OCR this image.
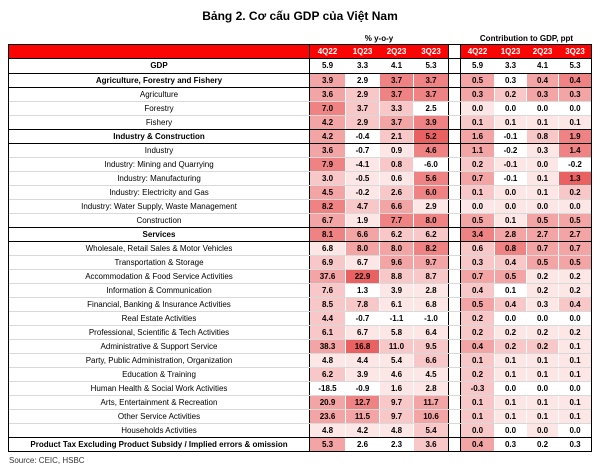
Bảng 2. Cơ cấu GDP của Việt Nam
% y-o-y	Contribution to GDP, ppt
4Q22	1Q23	2Q23	3Q23	4Q22	1Q23	2Q23	3Q23
GDP	5.9	3.3	4.1	5.3	5.9	3.3	4.1	5.3
Agriculture, Forestry and Fishery	3.9	2.9	3.7	3.7	0.5	0.3	0.4	0.4
Agriculture	3.6	2.9	3.7	3.7	0.3	0.2	0.3	0.3
Forestry	7.0	3.7	3.3	2.5	0.0	0.0	0.0	0.0
Fishery	4.2	2.9	3.7	3.9	0.1	0.1	0.1	0.1
Industry & Construction	4.2	-0.4	2.1	5.2	1.6	-0.1	0.8	1.9
Industry	3.6	-0.7	0.9	4.6	1.1	-0.2	0.3	1.4
Industry: Mining and Quarrying	7.9	-4.1	0.8	-6.0	0.2	-0.1	0.0	-0.2
Industry: Manufacturing	3.0	-0.5	0.6	5.6	0.7	-0.1	0.1	1.3
Industry: Electricity and Gas	4.5	-0.2	2.6	6.0	0.1	0.0	0.1	0.2
Industry: Water Supply, Waste Management	8.2	4.7	6.6	2.9	0.0	0.0	0.0	0.0
Construction	6.7	1.9	7.7	8.0	0.5	0.1	0.5	0.5
Services	8.1	6.6	6.2	6.2	3.4	2.8	2.7	2.7
Wholesale, Retail Sales & Motor Vehicles	6.8	8.0	8.0	8.2	0.6	0.8	0.7	0.7
Transportation & Storage	6.9	6.7	9.6	9.7	0.3	0.4	0.5	0.5
Accommodation & Food Service Activities	37.6	22.9	8.8	8.7	0.7	0.5	0.2	0.2
Information & Communication	7.6	1.3	3.9	2.8	0.4	0.1	0.2	0.2
Financial, Banking & Insurance Activities	8.5	7.8	6.1	6.8	0.5	0.4	0.3	0.4
Real Estate Activities	4.4	-0.7	-1.1	-1.0	0.2	0.0	0.0	0.0
Professional, Scientific & Tech Activities	6.1	6.7	5.8	6.4	0.2	0.2	0.2	0.2
Administrative & Support Service	38.3	16.8	11.0	9.5	0.4	0.2	0.2	0.1
Party, Public Administration, Organization	4.8	4.4	5.4	6.6	0.1	0.1	0.1	0.1
Education & Training	6.2	3.9	4.6	4.5	0.2	0.1	0.1	0.1
Human Health & Social Work Activities	-18.5	-0.9	1.6	2.8	-0.3	0.0	0.0	0.0
Arts, Entertainment & Recreation	20.9	12.7	9.7	11.7	0.1	0.1	0.1	0.1
Other Service Activities	23.6	11.5	9.7	10.6	0.1	0.1	0.1	0.1
Households Activities	4.8	4.2	4.8	5.4	0.0	0.0	0.0	0.0
Product Tax Excluding Product Subsidy / Implied errors & omission	5.3	2.6	2.3	3.6	0.4	0.3	0.2	0.3
Source: CEIC, HSBC
